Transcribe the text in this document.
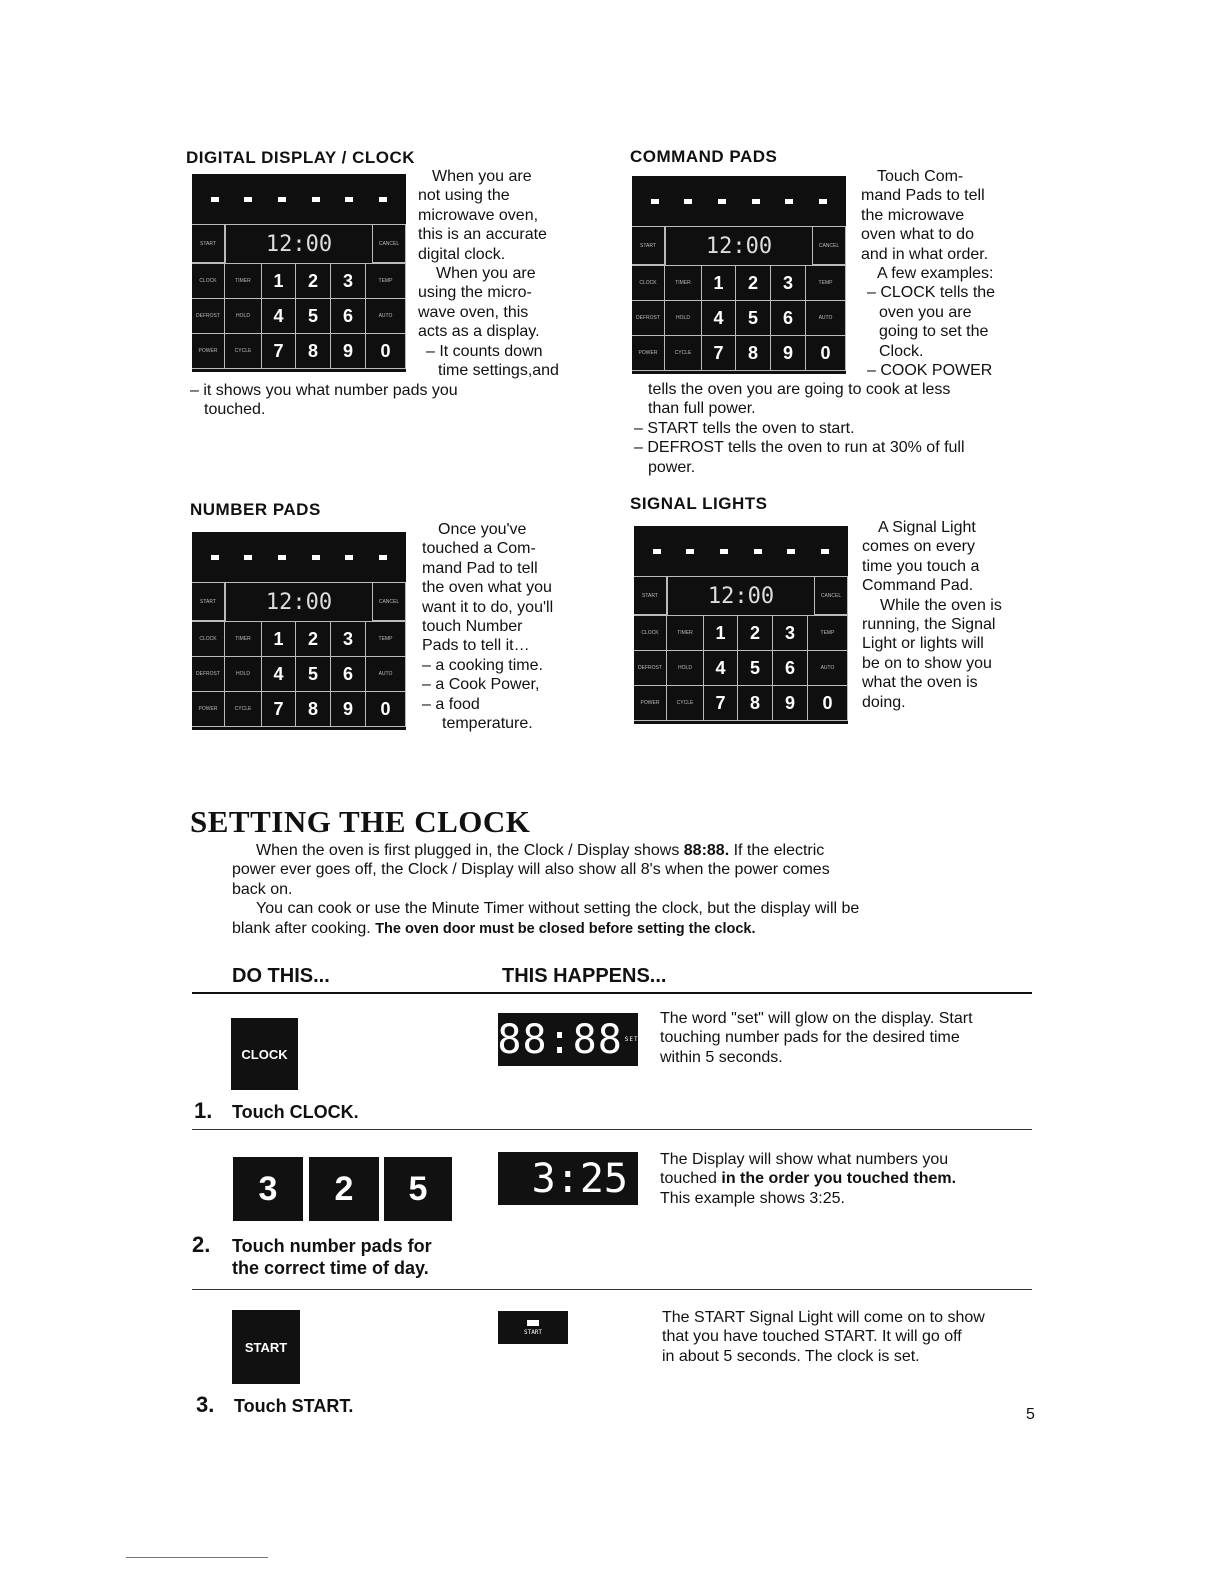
DIGITAL DISPLAY / CLOCK
START	12:00	CANCEL
CLOCK	TIMER	1	2	3	TEMP
DEFROST	HOLD	4	5	6	AUTO
POWER	CYCLE	7	8	9	0

When you are

not using the

microwave oven,

this is an accurate

digital clock.

When you are

using the micro-

wave oven, this

acts as a display.

– It counts down

time settings,and

– it shows you what number pads you

touched.

COMMAND PADS
START	12:00	CANCEL
CLOCK	TIMER	1	2	3	TEMP
DEFROST	HOLD	4	5	6	AUTO
POWER	CYCLE	7	8	9	0

Touch Com-

mand Pads to tell

the microwave

oven what to do

and in what order.

A few examples:

– CLOCK tells the

oven you are

going to set the

Clock.

– COOK POWER

tells the oven you are going to cook at less

than full power.

– START tells the oven to start.

– DEFROST tells the oven to run at 30% of full

power.

NUMBER PADS
START	12:00	CANCEL
CLOCK	TIMER	1	2	3	TEMP
DEFROST	HOLD	4	5	6	AUTO
POWER	CYCLE	7	8	9	0

Once you've

touched a Com-

mand Pad to tell

the oven what you

want it to do, you'll

touch Number

Pads to tell it…

– a cooking time.

– a Cook Power,

– a food

temperature.

SIGNAL LIGHTS
START	12:00	CANCEL
CLOCK	TIMER	1	2	3	TEMP
DEFROST	HOLD	4	5	6	AUTO
POWER	CYCLE	7	8	9	0

A Signal Light

comes on every

time you touch a

Command Pad.

While the oven is

running, the Signal

Light or lights will

be on to show you

what the oven is

doing.

SETTING THE CLOCK

When the oven is first plugged in, the Clock / Display shows 88:88. If the electric

power ever goes off, the Clock / Display will also show all 8's when the power comes

back on.

You can cook or use the Minute Timer without setting the clock, but the display will be

blank after cooking. The oven door must be closed before setting the clock.

DO THIS...	THIS HAPPENS...
CLOCK
1. Touch CLOCK.
88:88 SET

The word "set" will glow on the display. Start

touching number pads for the desired time

within 5 seconds.

3	2	5
2. Touch number pads for
the correct time of day.
3:25	The Display will show what numbers you

touched in the order you touched them.

This example shows 3:25.

START
3. Touch START.
START

The START Signal Light will come on to show

that you have touched START. It will go off

in about 5 seconds. The clock is set.

5
